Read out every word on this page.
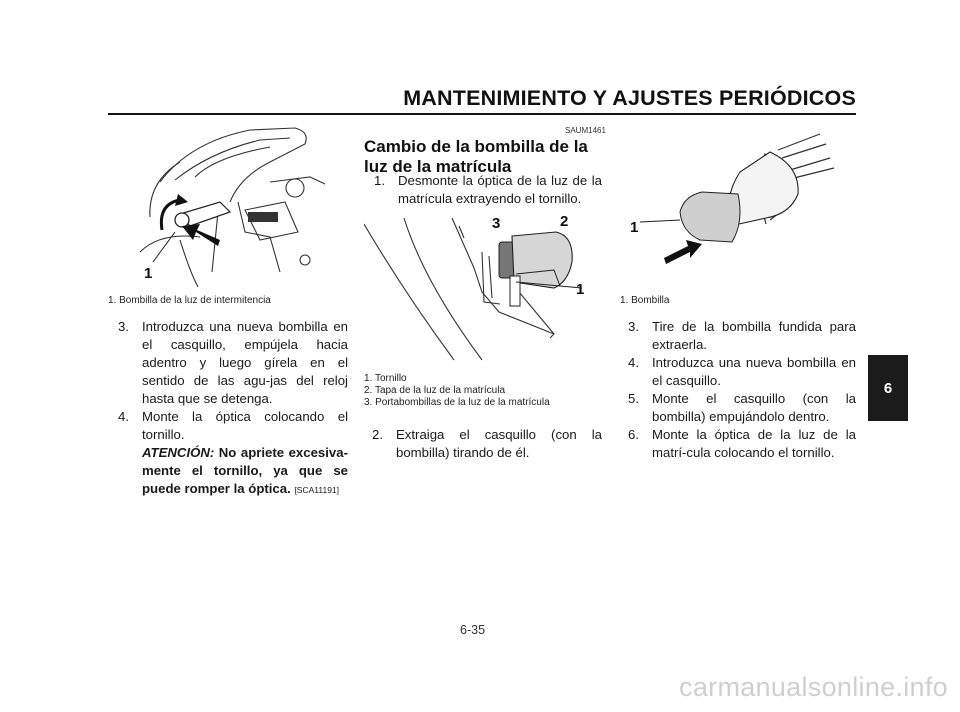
MANTENIMIENTO Y AJUSTES PERIÓDICOS
6
1
1. Bombilla de la luz de intermitencia
3. Introduzca una nueva bombilla en el casquillo, empújela hacia adentro y luego gírela en el sentido de las agu-jas del reloj hasta que se detenga.
4. Monte la óptica colocando el tornillo.
ATENCIÓN: No apriete excesiva-mente el tornillo, ya que se puede romper la óptica. [SCA11191]
SAUM1461
Cambio de la bombilla de la luz de la matrícula
1. Desmonte la óptica de la luz de la matrícula extrayendo el tornillo.
3	2
1
1. Tornillo
2. Tapa de la luz de la matrícula
3. Portabombillas de la luz de la matrícula
2. Extraiga el casquillo (con la bombilla) tirando de él.
1
1. Bombilla
3. Tire de la bombilla fundida para extraerla.
4. Introduzca una nueva bombilla en el casquillo.
5. Monte el casquillo (con la bombilla) empujándolo dentro.
6. Monte la óptica de la luz de la matrí-cula colocando el tornillo.
6-35
carmanualsonline.info
